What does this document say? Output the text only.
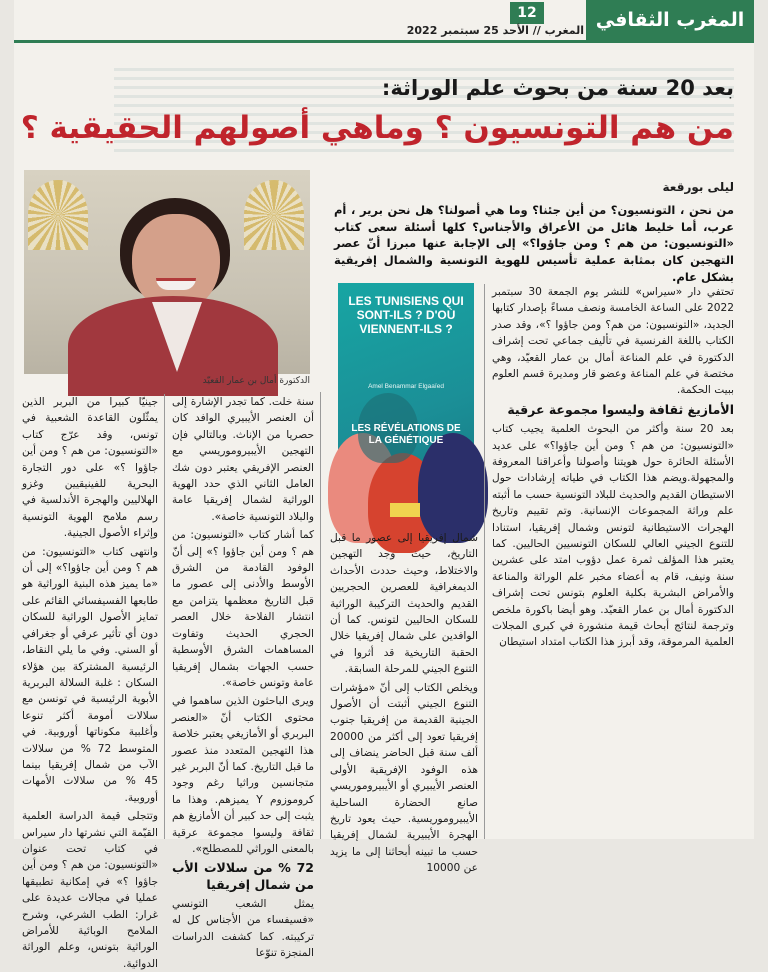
المغرب الثقافي
12
المغرب // الأحد 25 سبتمبر 2022
بعد 20 سنة من بحوث علم الوراثة:
من هم التونسيون ؟ وماهي أصولهم الحقيقية ؟
ليلى بورقعة
من نحن ، التونسيون؟ من أين جئنا؟ وما هي أصولنا؟ هل نحن برير ، أم عرب، أما خليط هائل من الأعراق والأجناس؟ كلها أسئلة سعى كتاب «التونسيون: من هم ؟ ومن جاؤوا؟» إلى الإجابة عنها مبرزا أنّ عصر التهجين كان بمثابة عملية تأسيس للهوية التونسية والشمال إفريقية بشكل عام.
الدكتورة أمال بن عمار القعيّد
LES TUNISIENS QUI SONT-ILS ? D'OÙ VIENNENT-ILS ?
Amel Benammar Elgaaïed
LES RÉVÉLATIONS DE LA GÉNÉTIQUE

تحتفي دار «سيراس» للنشر يوم الجمعة 30 سبتمبر 2022 على الساعة الخامسة ونصف مساءً بإصدار كتابها الجديد، «التونسيون: من هم؟ ومن جاؤوا ؟»، وقد صدر الكتاب باللغة الفرنسية في تأليف جماعي تحت إشراف الدكتورة في علم المناعة أمال بن عمار القعيّد، وهي مختصة في علم المناعة وعضو قار ومديرة قسم العلوم ببيت الحكمة.

الأمازيغ ثقافة وليسوا مجموعة عرقية

بعد 20 سنة وأكثر من البحوث العلمية يجيب كتاب «التونسيون: من هم ؟ ومن أين جاؤوا؟» على عديد الأسئلة الحائرة حول هويتنا وأصولنا وأعراقنا المعروفة والمجهولة.ويضم هذا الكتاب في طياته إرشادات حول الاستيطان القديم والحديث للبلاد التونسية حسب ما أثبته علم وراثة المجموعات الإنسانية. وتم تقييم وتاريخ الهجرات الاستيطانية لتونس وشمال إفريقيا، استنادا للتنوع الجيني العالي للسكان التونسيين الحاليين. كما يعتبر هذا المؤلف ثمرة عمل دؤوب امتد على عشرين سنة ونيف، قام به أعضاء مخبر علم الوراثة والمناعة والأمراض البشرية بكلية العلوم بتونس تحت إشراف الدكتورة أمال بن عمار القعيّد. وهو أيضا باكورة ملخص وترجمة لنتائج أبحاث قيمة منشورة في كبرى المجلات العلمية المرموقة، وقد أبرز هذا الكتاب امتداد استيطان

شمال إفريقيا إلى عصور ما قبل التاريخ، حيث وجد التهجين والاختلاط، وحيث حددت الأحداث الديمغرافية للعصرين الحجريين القديم والحديث التركيبة الوراثية للسكان الحاليين لتونس. كما أن الوافدين على شمال إفريقيا خلال الحقبة التاريخية قد أثروا في التنوع الجيني للمرحلة السابقة.

ويخلص الكتاب إلى أنّ «مؤشرات التنوع الجيني أثبتت أن الأصول الجينية القديمة من إفريقيا جنوب إفريقيا تعود إلى أكثر من 20000 ألف سنة قبل الحاضر ينضاف إلى هذه الوفود الإفريقية الأولى العنصر الأيبيري أو الأيبيروموريسي صانع الحضارة الساحلية الأيبيروموريسية. حيث يعود تاريخ الهجرة الأيبيرية لشمال إفريقيا حسب ما تبينه أبحاثنا إلى ما يزيد عن 10000

سنة خلت. كما تجدر الإشارة إلى أن العنصر الأيبيري الوافد كان حصريا من الإناث. وبالتالي فإن التهجين الأيبيروموريسي مع العنصر الإفريقي يعتبر دون شك العامل الثاني الذي حدد الهوية الوراثية لشمال إفريقيا عامة والبلاد التونسية خاصة».

كما أشار كتاب «التونسيون: من هم ؟ ومن أين جاؤوا ؟» إلى أنّ الوفود القادمة من الشرق الأوسط والأدنى إلى عصور ما قبل التاريخ معظمها يتزامن مع انتشار الفلاحة خلال العصر الحجري الحديث وتفاوت المساهمات الشرق الأوسطية حسب الجهات بشمال إفريقيا عامة وتونس خاصة».

ويرى الباحثون الذين ساهموا في محتوى الكتاب أنّ «العنصر البربري أو الأمازيغي يعتبر خلاصة هذا التهجين المتعدد منذ عصور ما قبل التاريخ. كما أنّ البربر غير متجانسين وراثيا رغم وجود كروموزوم Y يميزهم. وهذا ما يثبت إلى حد كبير أن الأمازيغ هم ثقافة وليسوا مجموعة عرقية بالمعنى الوراثي للمصطلح».

72 % من سلالات الأب من شمال إفريقيا

يمثل الشعب التونسي «فسيفساء من الأجناس كل له تركيبته. كما كشفت الدراسات المنجزة تنوّعا

جينيّا كبيرا من البربر الذين يمثّلون القاعدة الشعبية في تونس، وقد عرّج كتاب «التونسيون: من هم ؟ ومن أين جاؤوا ؟» على دور التجارة البحرية للفينيقيين وغزو الهلاليين والهجرة الأندلسية في رسم ملامح الهوية التونسية وإثراء الأصول الجينية.

وانتهى كتاب «التونسيون: من هم ؟ ومن أين جاؤوا؟» إلى أن «ما يميز هذه البنية الوراثية هو طابعها الفسيفسائي القائم على تمايز الأصول الوراثية للسكان دون أي تأثير عرقي أو جغرافي أو السني. وفي ما يلي النقاط، الرئيسية المشتركة بين هؤلاء السكان : غلبة السلالة البربرية الأبوية الرئيسية في تونسن مع سلالات أمومة أكثر تنوعا وأغلبية مكوناتها أوروبية. في المتوسط 72 % من سلالات الآب من شمال إفريقيا بينما 45 % من سلالات الأمهات أوروبية.

وتتجلى قيمة الدراسة العلمية القيّمة التي نشرتها دار سيراس في كتاب تحت عنوان «التونسيون: من هم ؟ ومن أين جاؤوا ؟» في إمكانية تطبيقها عمليا في مجالات عديدة على غرار: الطب الشرعي، وشرح الملامح الوبائية للأمراض الوراثية بتونس، وعلم الوراثة الدوائية.
